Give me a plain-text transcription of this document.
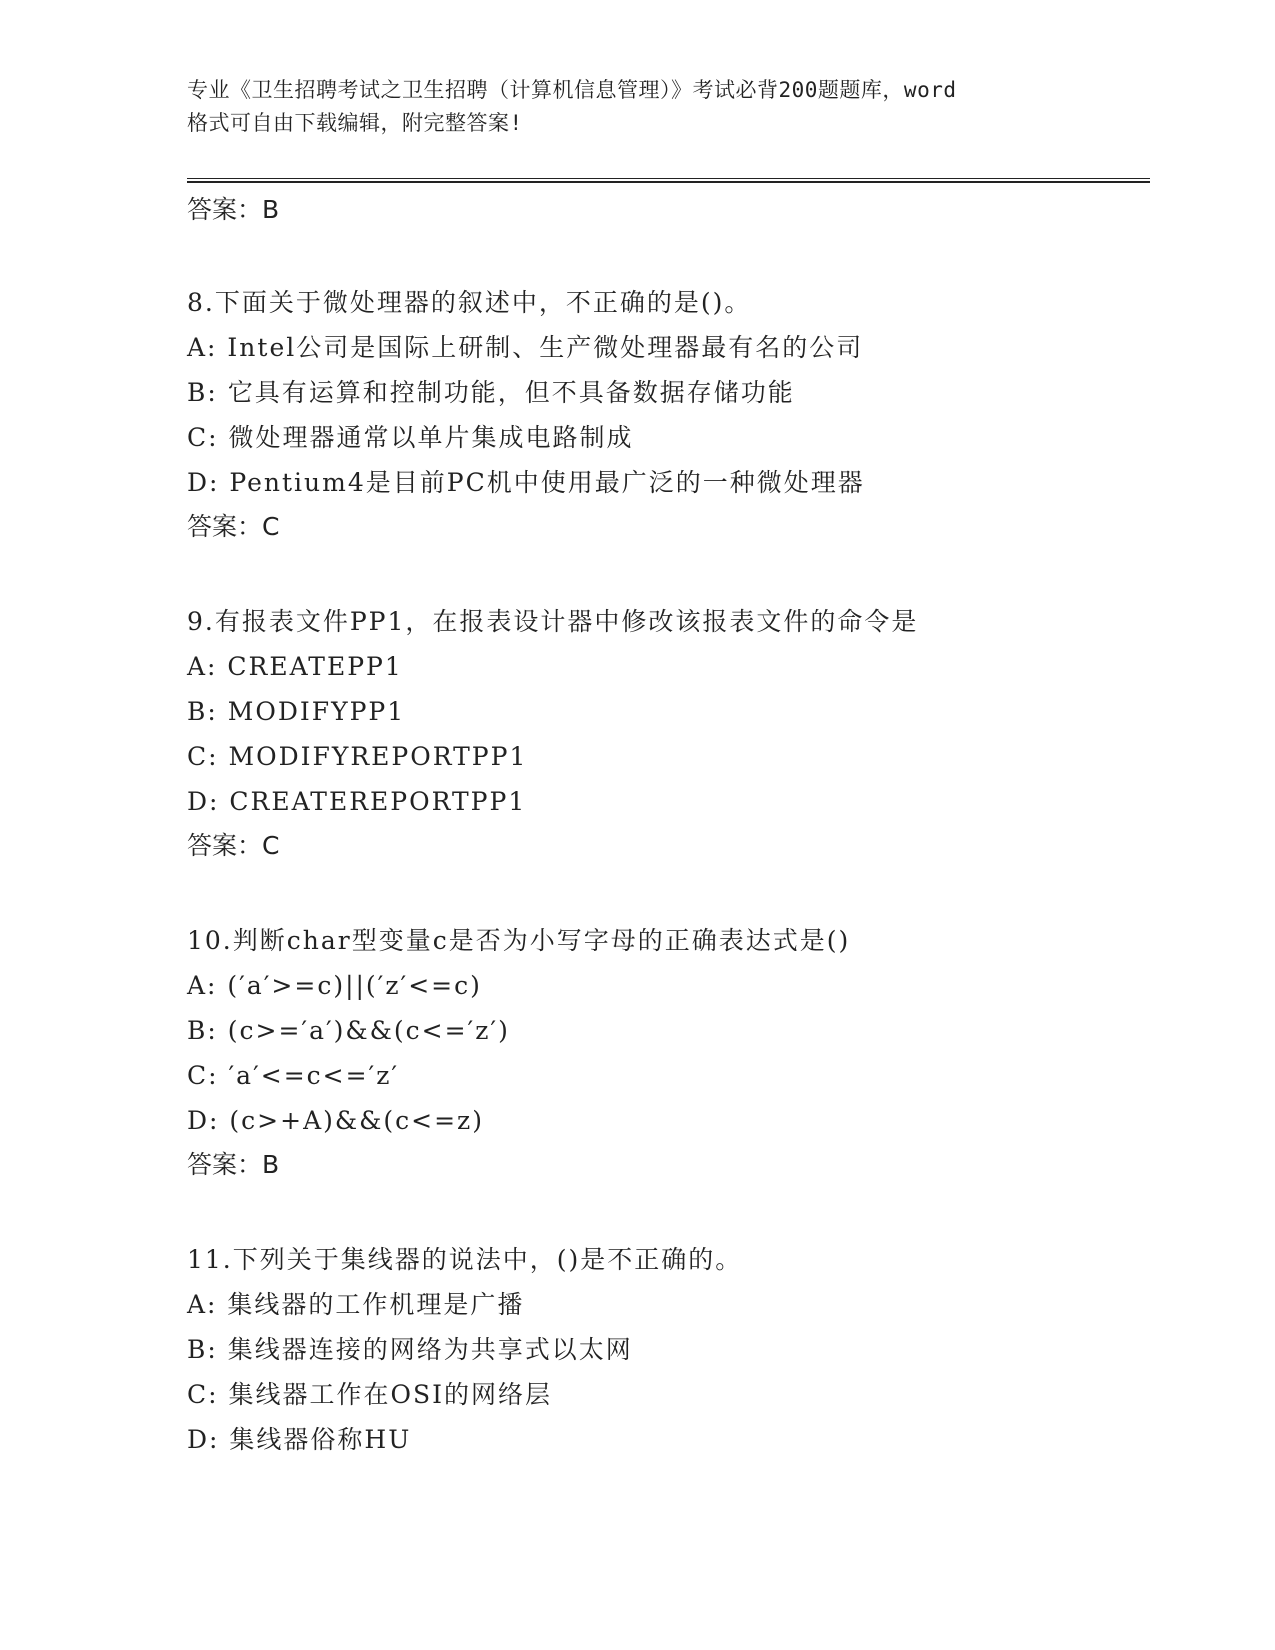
专业《卫生招聘考试之卫生招聘（计算机信息管理）》考试必背200题题库，word
格式可自由下载编辑，附完整答案!
答案：B
8.下面关于微处理器的叙述中，不正确的是()。
A: Intel公司是国际上研制、生产微处理器最有名的公司
B: 它具有运算和控制功能，但不具备数据存储功能
C: 微处理器通常以单片集成电路制成
D: Pentium4是目前PC机中使用最广泛的一种微处理器
答案：C
9.有报表文件PP1，在报表设计器中修改该报表文件的命令是
A: CREATEPP1
B: MODIFYPP1
C: MODIFYREPORTPP1
D: CREATEREPORTPP1
答案：C
10.判断char型变量c是否为小写字母的正确表达式是()
A: (′a′>=c)||(′z′<=c)
B: (c>=′a′)&&(c<=′z′)
C: ′a′<=c<=′z′
D: (c>+A)&&(c<=z)
答案：B
11.下列关于集线器的说法中，()是不正确的。
A: 集线器的工作机理是广播
B: 集线器连接的网络为共享式以太网
C: 集线器工作在OSI的网络层
D: 集线器俗称HU
